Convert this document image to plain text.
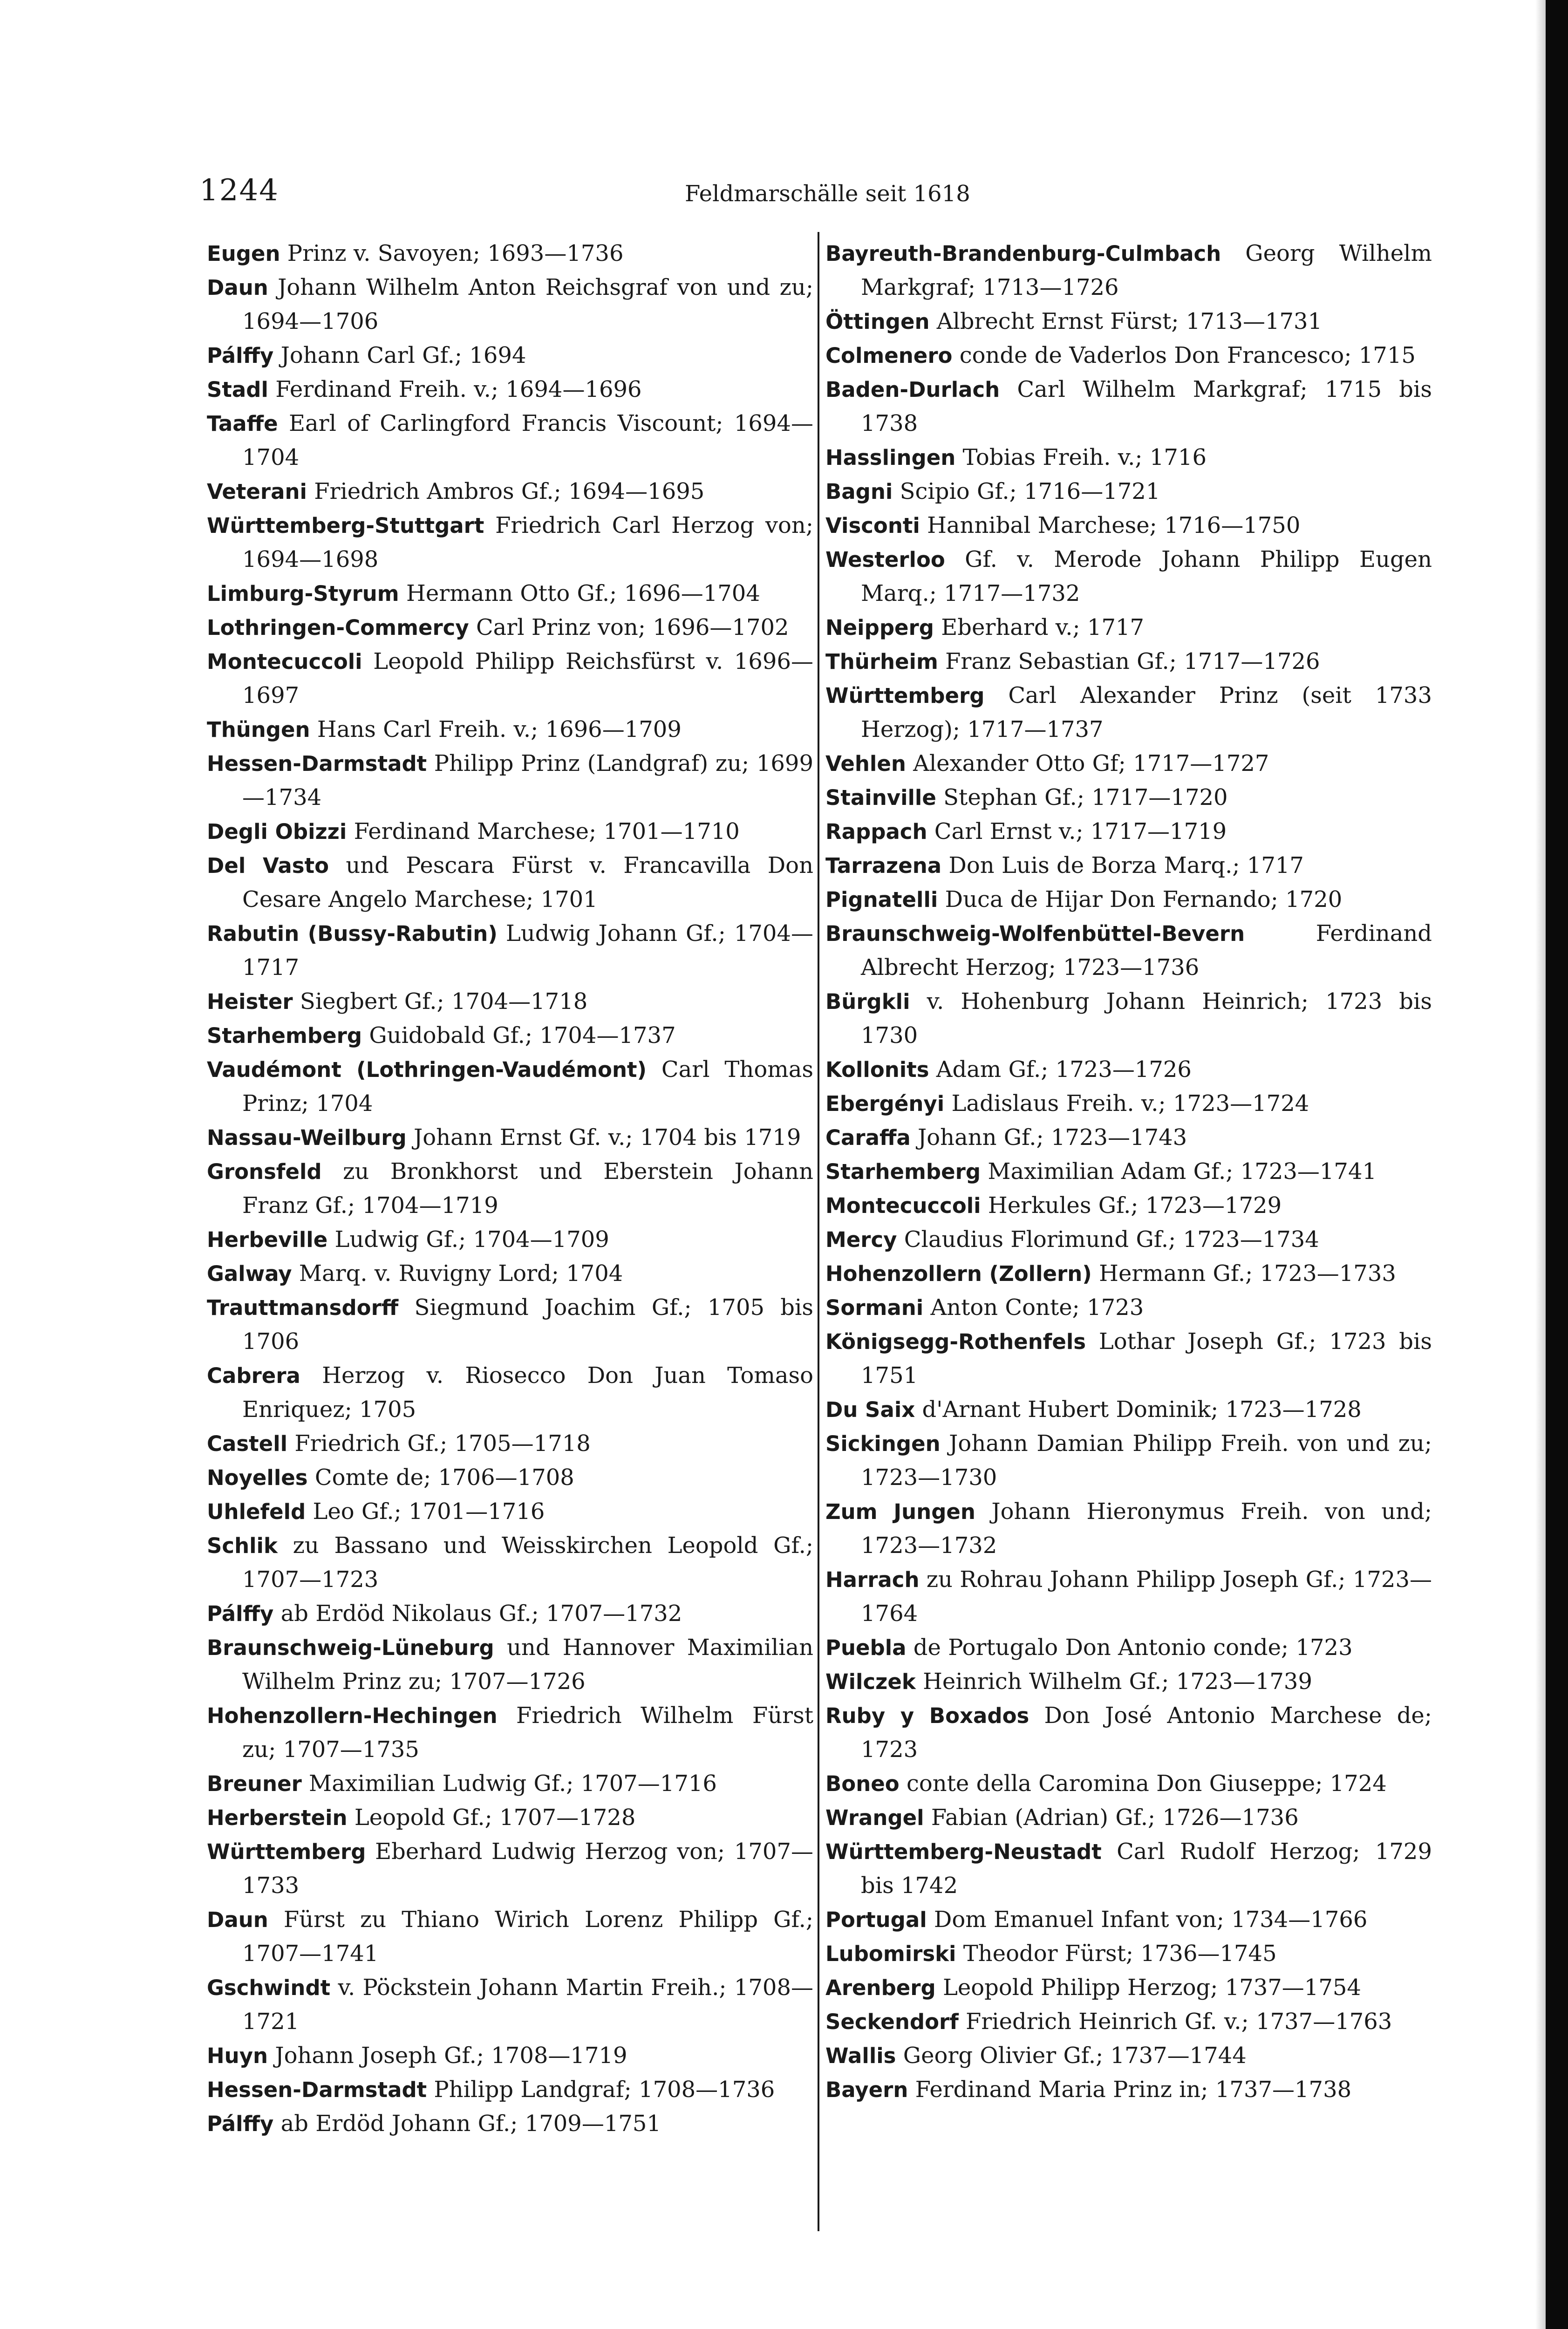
1244	Feldmarschälle seit 1618

Eugen Prinz v. Savoyen; 1693—1736

Daun Johann Wilhelm Anton Reichsgraf von und zu; 1694—1706

Pálffy Johann Carl Gf.; 1694

Stadl Ferdinand Freih. v.; 1694—1696

Taaffe Earl of Carlingford Francis Viscount; 1694—1704

Veterani Friedrich Ambros Gf.; 1694—1695

Württemberg-Stuttgart Friedrich Carl Herzog von; 1694—1698

Limburg-Styrum Hermann Otto Gf.; 1696—1704

Lothringen-Commercy Carl Prinz von; 1696—1702

Montecuccoli Leopold Philipp Reichsfürst v. 1696—1697

Thüngen Hans Carl Freih. v.; 1696—1709

Hessen-Darmstadt Philipp Prinz (Landgraf) zu; 1699—1734

Degli Obizzi Ferdinand Marchese; 1701—1710

Del Vasto und Pescara Fürst v. Francavilla Don Cesare Angelo Marchese; 1701

Rabutin (Bussy-Rabutin) Ludwig Johann Gf.; 1704—1717

Heister Siegbert Gf.; 1704—1718

Starhemberg Guidobald Gf.; 1704—1737

Vaudémont (Lothringen-Vaudémont) Carl Thomas Prinz; 1704

Nassau-Weilburg Johann Ernst Gf. v.; 1704 bis 1719

Gronsfeld zu Bronkhorst und Eberstein Johann Franz Gf.; 1704—1719

Herbeville Ludwig Gf.; 1704—1709

Galway Marq. v. Ruvigny Lord; 1704

Trauttmansdorff Siegmund Joachim Gf.; 1705 bis 1706

Cabrera Herzog v. Riosecco Don Juan Tomaso Enriquez; 1705

Castell Friedrich Gf.; 1705—1718

Noyelles Comte de; 1706—1708

Uhlefeld Leo Gf.; 1701—1716

Schlik zu Bassano und Weisskirchen Leopold Gf.; 1707—1723

Pálffy ab Erdöd Nikolaus Gf.; 1707—1732

Braunschweig-Lüneburg und Hannover Maximilian Wilhelm Prinz zu; 1707—1726

Hohenzollern-Hechingen Friedrich Wilhelm Fürst zu; 1707—1735

Breuner Maximilian Ludwig Gf.; 1707—1716

Herberstein Leopold Gf.; 1707—1728

Württemberg Eberhard Ludwig Herzog von; 1707—1733

Daun Fürst zu Thiano Wirich Lorenz Philipp Gf.; 1707—1741

Gschwindt v. Pöckstein Johann Martin Freih.; 1708—1721

Huyn Johann Joseph Gf.; 1708—1719

Hessen-Darmstadt Philipp Landgraf; 1708—1736

Pálffy ab Erdöd Johann Gf.; 1709—1751

Bayreuth-Brandenburg-Culmbach Georg Wilhelm Markgraf; 1713—1726

Öttingen Albrecht Ernst Fürst; 1713—1731

Colmenero conde de Vaderlos Don Francesco; 1715

Baden-Durlach Carl Wilhelm Markgraf; 1715 bis 1738

Hasslingen Tobias Freih. v.; 1716

Bagni Scipio Gf.; 1716—1721

Visconti Hannibal Marchese; 1716—1750

Westerloo Gf. v. Merode Johann Philipp Eugen Marq.; 1717—1732

Neipperg Eberhard v.; 1717

Thürheim Franz Sebastian Gf.; 1717—1726

Württemberg Carl Alexander Prinz (seit 1733 Herzog); 1717—1737

Vehlen Alexander Otto Gf; 1717—1727

Stainville Stephan Gf.; 1717—1720

Rappach Carl Ernst v.; 1717—1719

Tarrazena Don Luis de Borza Marq.; 1717

Pignatelli Duca de Hijar Don Fernando; 1720

Braunschweig-Wolfenbüttel-Bevern Ferdinand Albrecht Herzog; 1723—1736

Bürgkli v. Hohenburg Johann Heinrich; 1723 bis 1730

Kollonits Adam Gf.; 1723—1726

Ebergényi Ladislaus Freih. v.; 1723—1724

Caraffa Johann Gf.; 1723—1743

Starhemberg Maximilian Adam Gf.; 1723—1741

Montecuccoli Herkules Gf.; 1723—1729

Mercy Claudius Florimund Gf.; 1723—1734

Hohenzollern (Zollern) Hermann Gf.; 1723—1733

Sormani Anton Conte; 1723

Königsegg-Rothenfels Lothar Joseph Gf.; 1723 bis 1751

Du Saix d'Arnant Hubert Dominik; 1723—1728

Sickingen Johann Damian Philipp Freih. von und zu; 1723—1730

Zum Jungen Johann Hieronymus Freih. von und; 1723—1732

Harrach zu Rohrau Johann Philipp Joseph Gf.; 1723—1764

Puebla de Portugalo Don Antonio conde; 1723

Wilczek Heinrich Wilhelm Gf.; 1723—1739

Ruby y Boxados Don José Antonio Marchese de; 1723

Boneo conte della Caromina Don Giuseppe; 1724

Wrangel Fabian (Adrian) Gf.; 1726—1736

Württemberg-Neustadt Carl Rudolf Herzog; 1729 bis 1742

Portugal Dom Emanuel Infant von; 1734—1766

Lubomirski Theodor Fürst; 1736—1745

Arenberg Leopold Philipp Herzog; 1737—1754

Seckendorf Friedrich Heinrich Gf. v.; 1737—1763

Wallis Georg Olivier Gf.; 1737—1744

Bayern Ferdinand Maria Prinz in; 1737—1738
